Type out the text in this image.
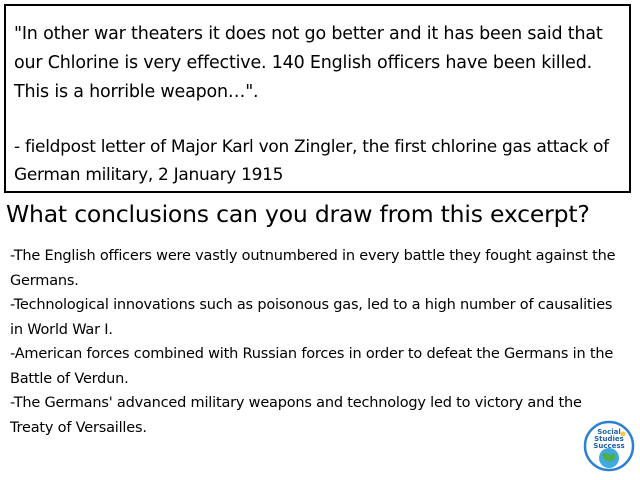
"In other war theaters it does not go better and it has been said that our Chlorine is very effective. 140 English officers have been killed. This is a horrible weapon…".
- fieldpost letter of Major Karl von Zingler, the first chlorine gas attack of German military, 2 January 1915
What conclusions can you draw from this excerpt?
-The English officers were vastly outnumbered in every battle they fought against the Germans.
-Technological innovations such as poisonous gas, led to a high number of causalities in World War I.
-American forces combined with Russian forces in order to defeat the Germans in the Battle of Verdun.
-The Germans' advanced military weapons and technology led to victory and the Treaty of Versailles.	Social
Studies
Success
